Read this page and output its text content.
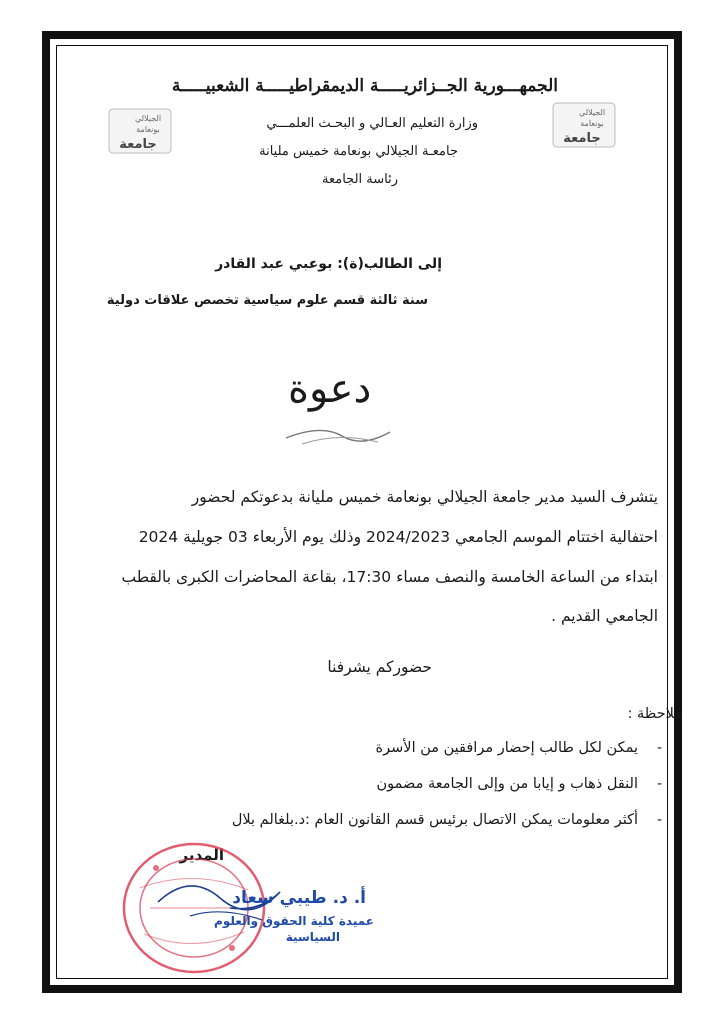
الجمهـــورية الجــزائريـــــة الديمقراطيـــــة الشعبيـــــة
وزارة التعليم العـالي و البحـث العلمـــي
جامعـة الجيلالي بونعامة خميس مليانة
رئاسة الجامعة
الجيلالي
بونعامة
جامعة
الجيلالي
بونعامة
جامعة
إلى الطالب(ة): بوعبي عبد القادر
سنة ثالثة قسم علوم سياسية تخصص علاقات دولية
دعوة
يتشرف السيد مدير جامعة الجيلالي بونعامة خميس مليانة بدعوتكم لحضور
احتفالية اختتام الموسم الجامعي 2024/2023 وذلك يوم الأربعاء 03 جويلية 2024
ابتداء من الساعة الخامسة والنصف مساء 17:30، بقاعة المحاضرات الكبرى بالقطب
الجامعي القديم .
حضوركم يشرفنا
ملاحظة :
-
يمكن لكل طالب إحضار مرافقين من الأسرة
-
النقل ذهاب و إيابا من وإلى الجامعة مضمون
-
أكثر معلومات يمكن الاتصال برئيس قسم القانون العام :د.بلغالم بلال
المدير
أ. د. طيبي سعاد
عميدة كلية الحقوق والعلوم
السياسية
